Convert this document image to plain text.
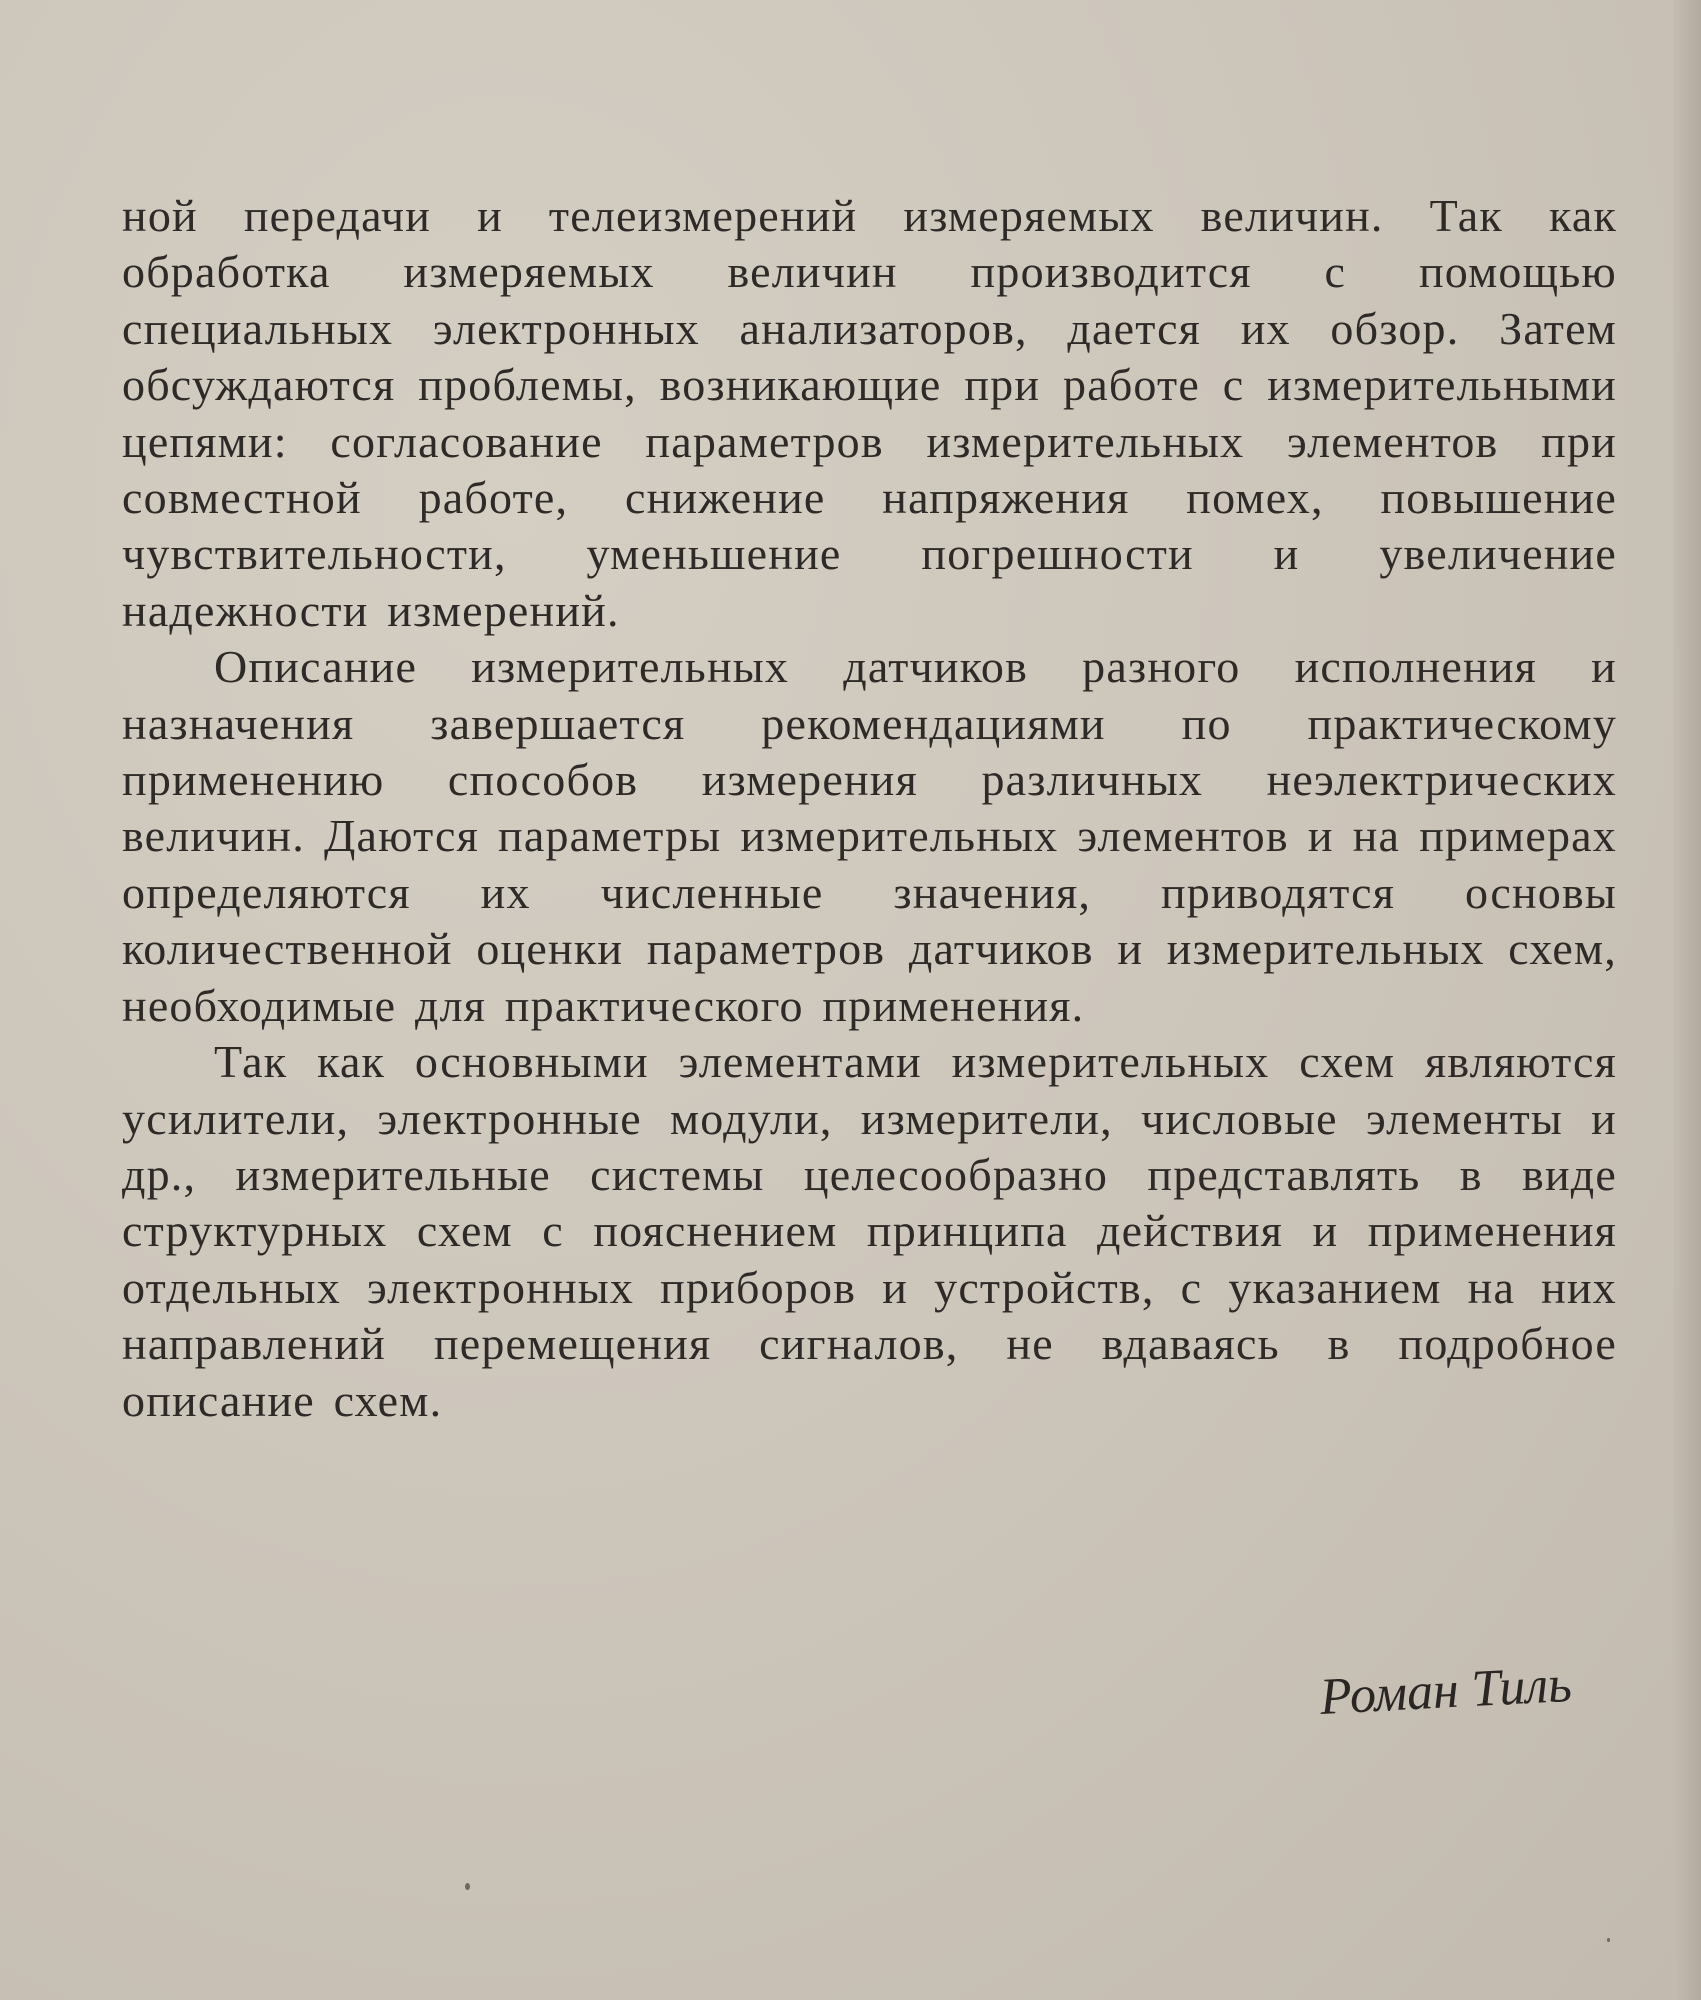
ной передачи и телеизмерений измеряемых величин. Так как обработка измеряемых величин производится с помощью специальных электронных анализаторов, дается их обзор. Затем обсуждаются проблемы, возникающие при работе с измерительными цепями: согласование параметров измерительных элементов при совместной работе, снижение напряжения помех, повышение чувствительности, уменьшение погрешности и увеличение надежности измерений.

Описание измерительных датчиков разного исполнения и назначения завершается рекомендациями по практическому применению способов измерения различных неэлектрических величин. Даются параметры измерительных элементов и на примерах определяются их численные значения, приводятся основы количественной оценки параметров датчиков и измерительных схем, необходимые для практического применения.

Так как основными элементами измерительных схем являются усилители, электронные модули, измерители, числовые элементы и др., измерительные системы целесообразно представлять в виде структурных схем с пояснением принципа действия и применения отдельных электронных приборов и устройств, с указанием на них направлений перемещения сигналов, не вдаваясь в подробное описание схем.

Роман Тиль
